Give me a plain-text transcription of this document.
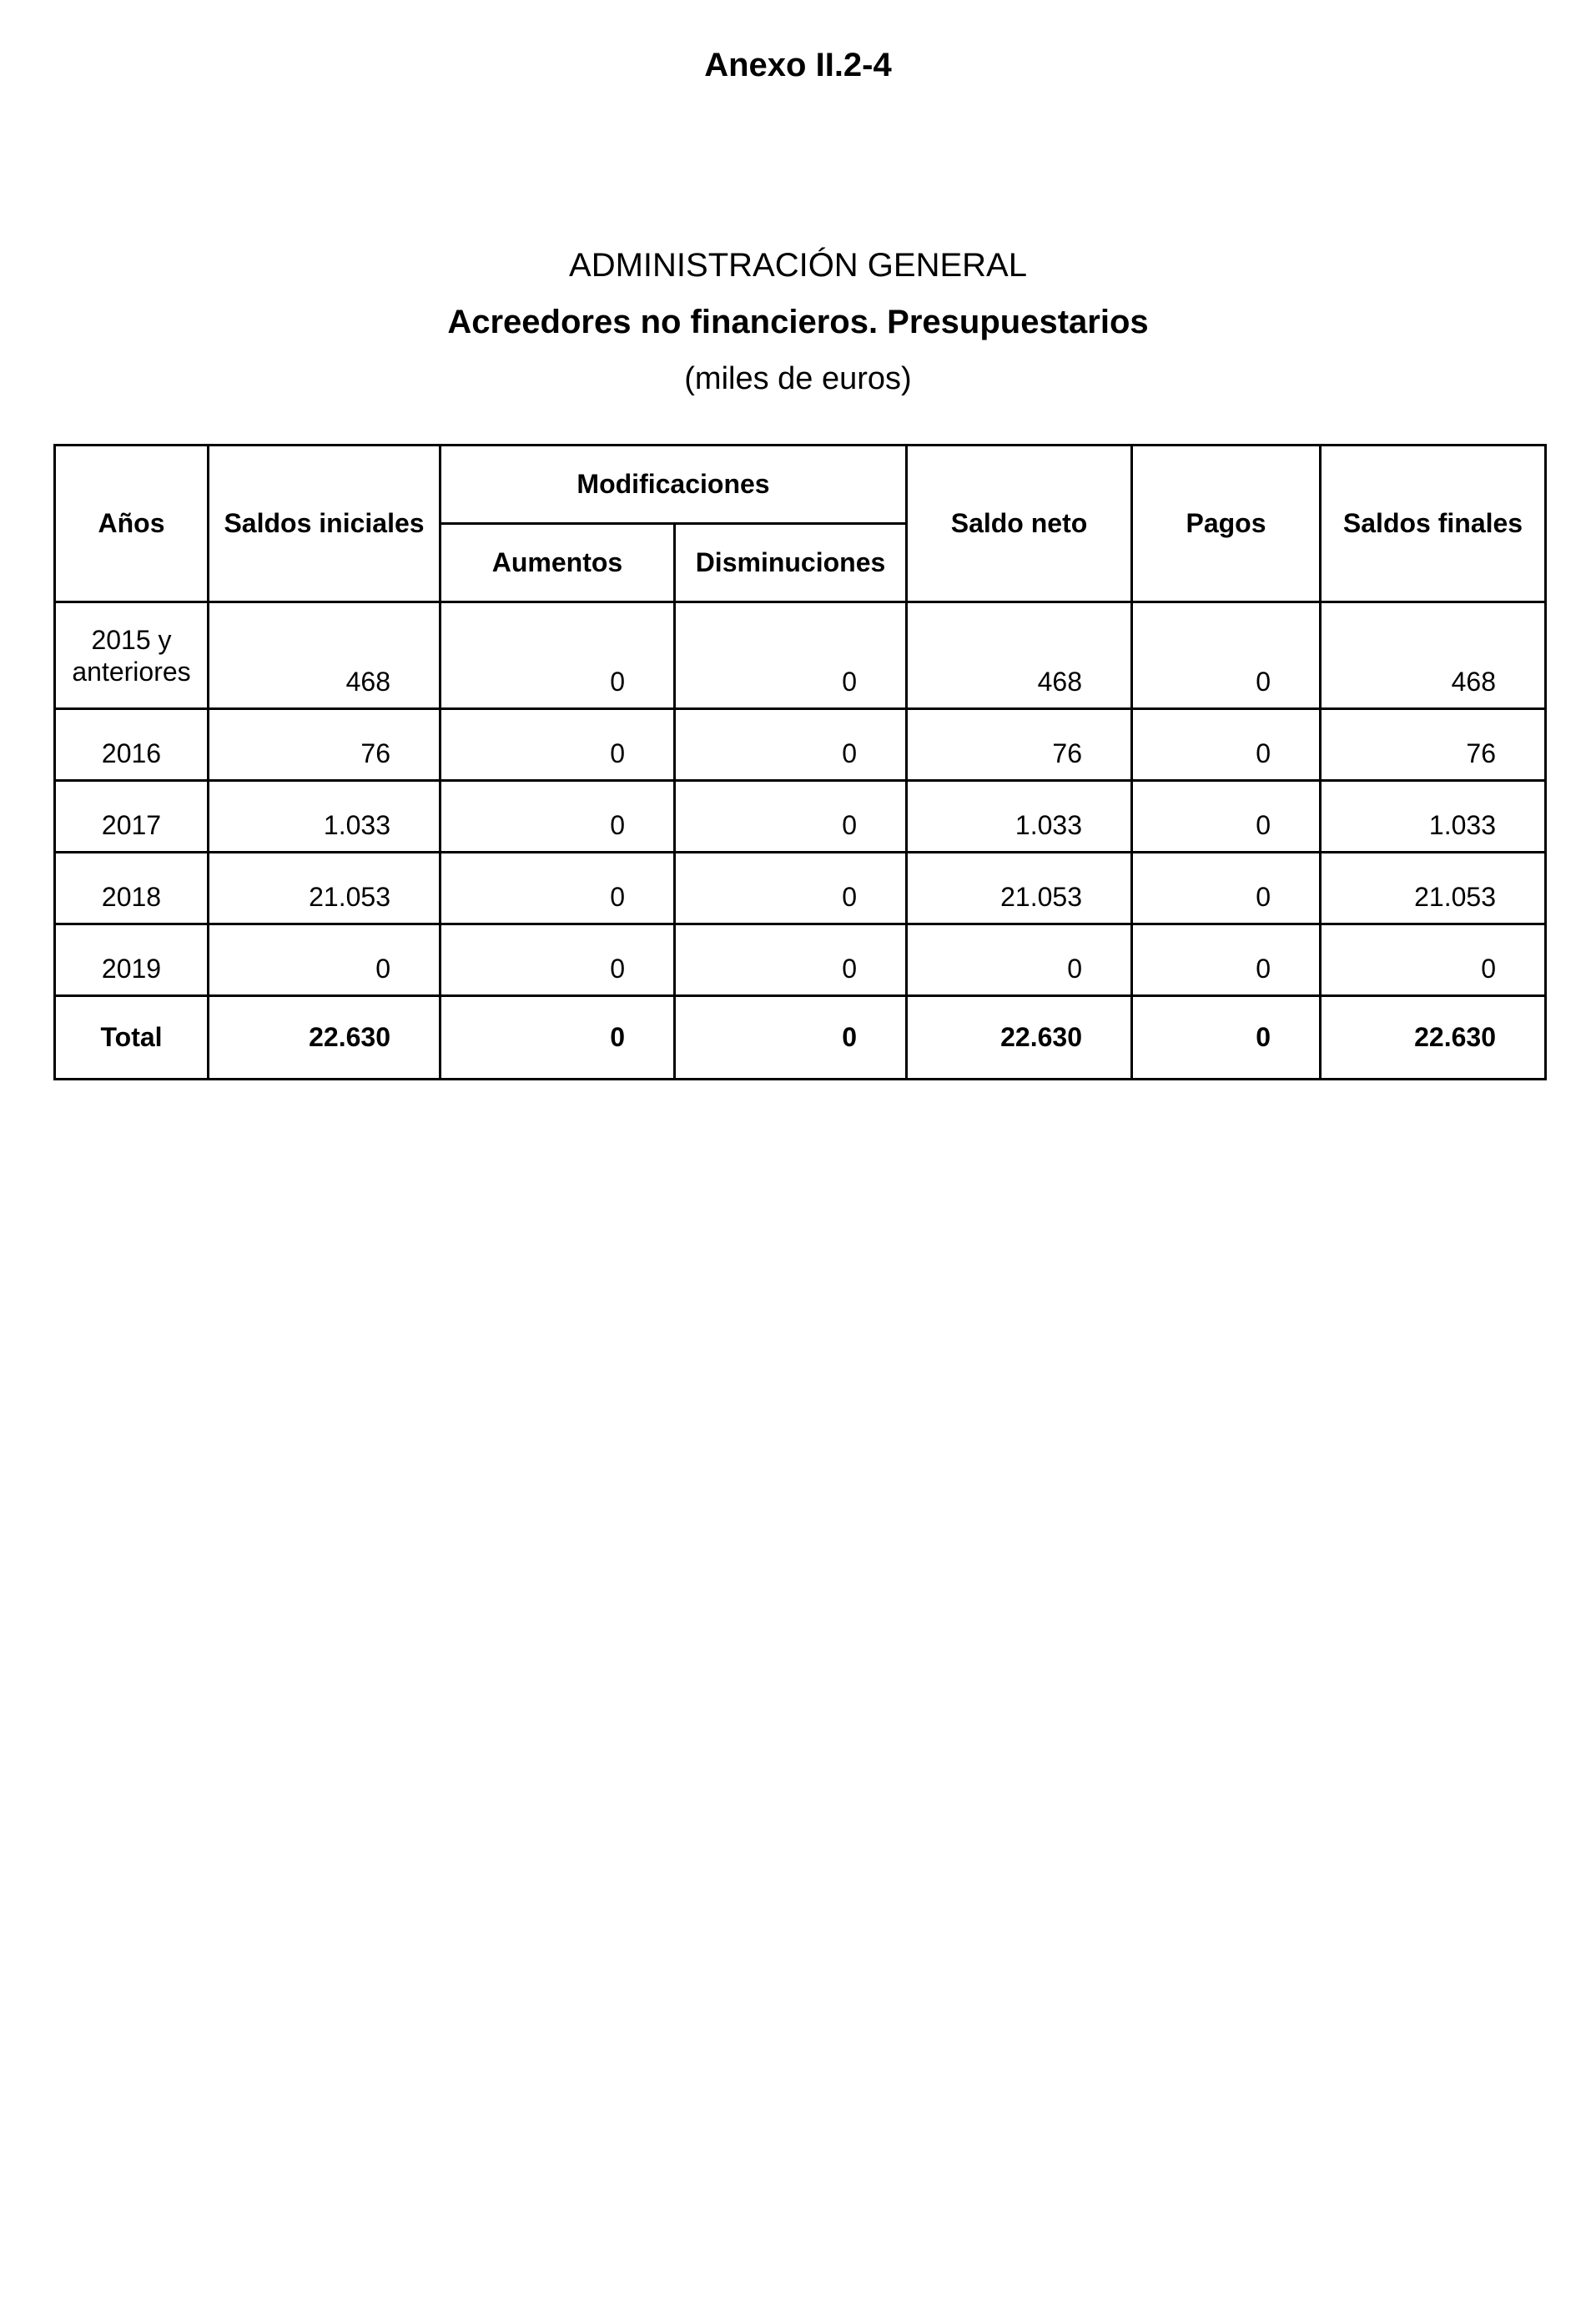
Anexo II.2-4
ADMINISTRACIÓN GENERAL
Acreedores no financieros. Presupuestarios
(miles de euros)
Años	Saldos iniciales	Modificaciones		Saldo neto	Pagos	Saldos finales
		Aumentos	Disminuciones			
2015 y
anteriores	468	0	0	468	0	468
2016	76	0	0	76	0	76
2017	1.033	0	0	1.033	0	1.033
2018	21.053	0	0	21.053	0	21.053
2019	0	0	0	0	0	0
Total	22.630	0	0	22.630	0	22.630
